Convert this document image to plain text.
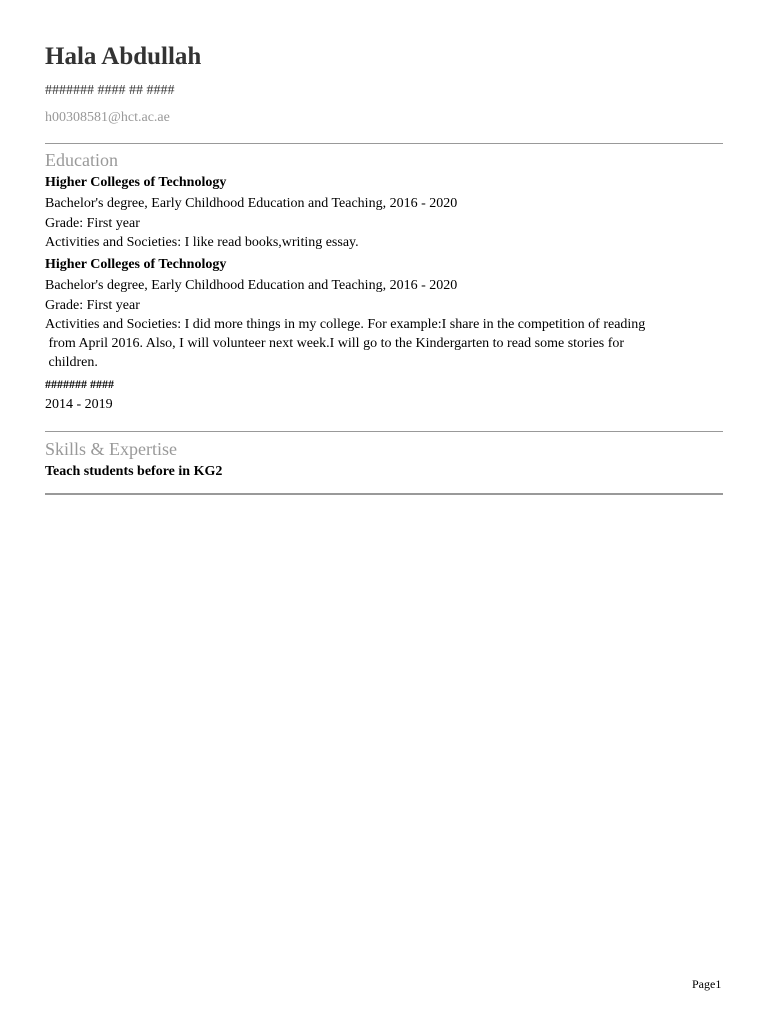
Hala Abdullah
####### #### ## ####
h00308581@hct.ac.ae
Education
Higher Colleges of Technology
Bachelor's degree, Early Childhood Education and Teaching, 2016 - 2020
Grade: First year
Activities and Societies: I like read books,writing essay.
Higher Colleges of Technology
Bachelor's degree, Early Childhood Education and Teaching, 2016 - 2020
Grade: First year
Activities and Societies: I did more things in my college. For example:I share in the competition of reading
from April 2016. Also, I will volunteer next week.I will go to the Kindergarten to read some stories for
children.
####### ####
2014 - 2019
Skills & Expertise
Teach students before in KG2
Page1
